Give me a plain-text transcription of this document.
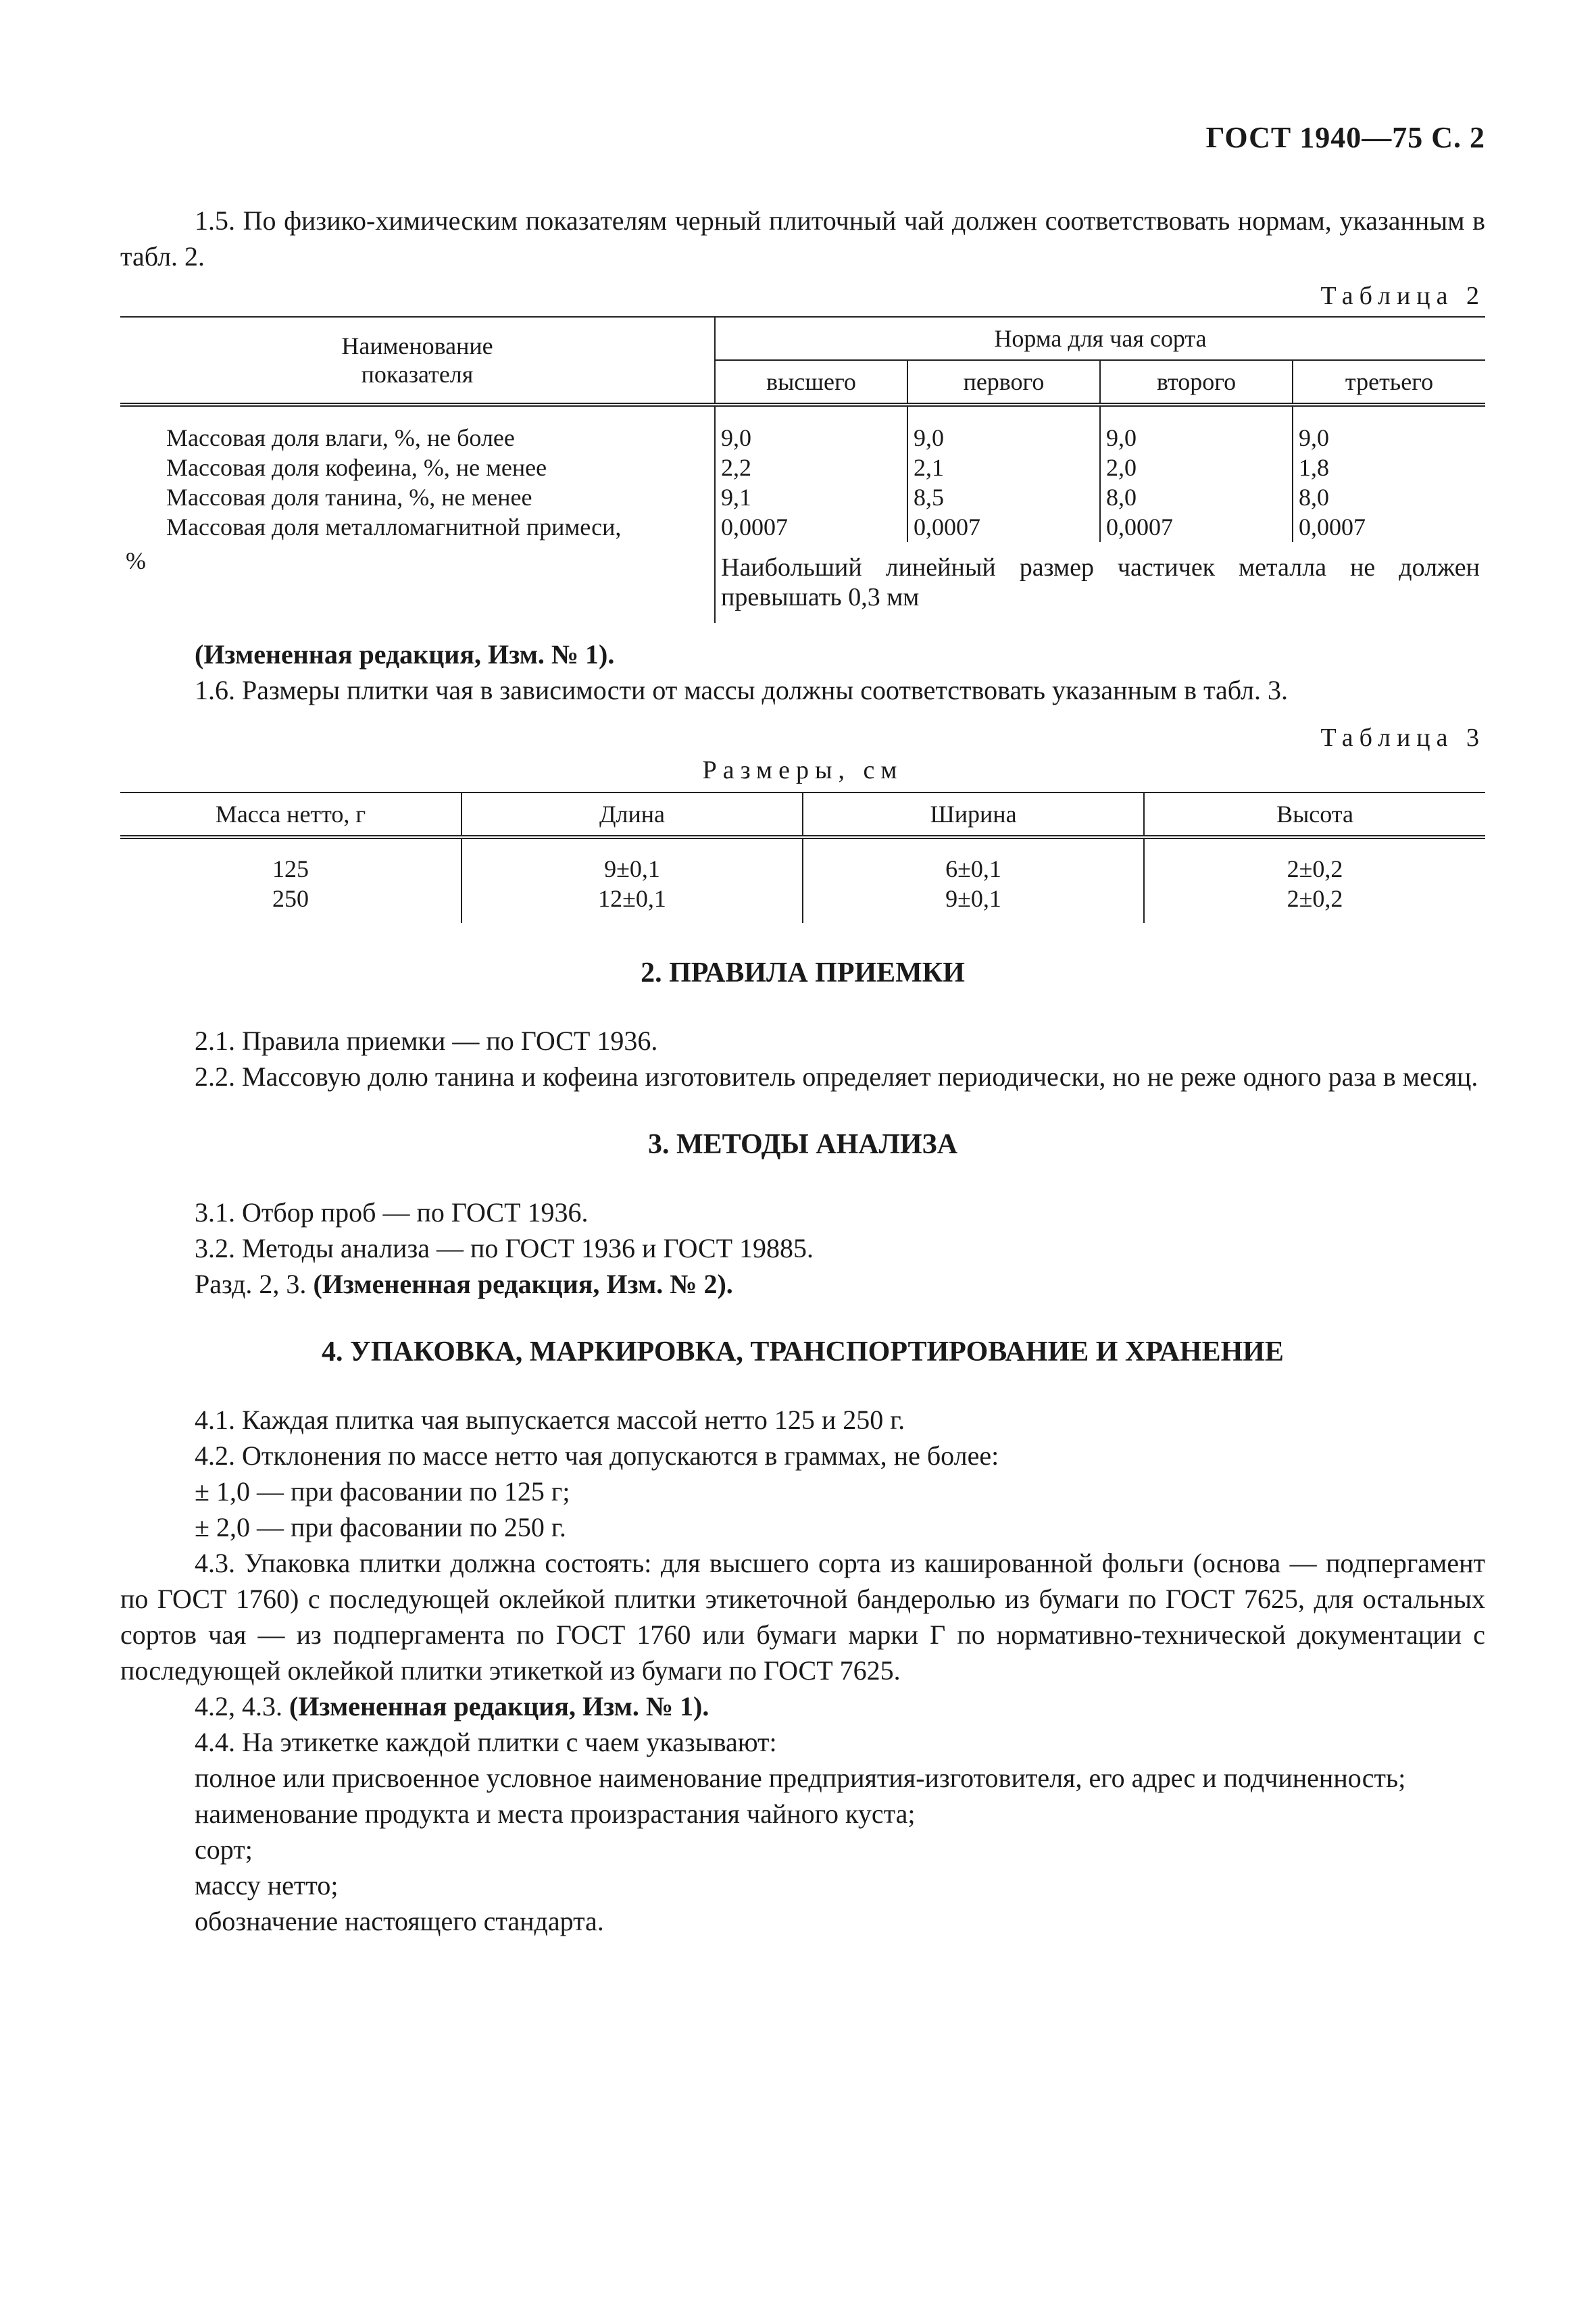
ГОСТ 1940—75 С. 2

1.5. По физико-химическим показателям черный плиточный чай должен соответствовать нормам, указанным в табл. 2.

Таблица 2
Наименование показателя	Норма для чая сорта			
	высшего	первого	второго	третьего

Массовая доля влаги, %, не более	9,0	9,0	9,0	9,0
Массовая доля кофеина, %, не менее	2,2	2,1	2,0	1,8
Массовая доля танина, %, не менее	9,1	8,5	8,0	8,0
Массовая доля металломагнитной примеси,	0,0007	0,0007	0,0007	0,0007
%	Наибольший линейный размер частичек металла не должен превышать 0,3 мм			

(Измененная редакция, Изм. № 1).

1.6. Размеры плитки чая в зависимости от массы должны соответствовать указанным в табл. 3.

Таблица 3
Размеры, см
Масса нетто, г	Длина	Ширина	Высота

125	9±0,1	6±0,1	2±0,2
250	12±0,1	9±0,1	2±0,2
2. ПРАВИЛА ПРИЕМКИ

2.1. Правила приемки — по ГОСТ 1936.

2.2. Массовую долю танина и кофеина изготовитель определяет периодически, но не реже одного раза в месяц.

3. МЕТОДЫ АНАЛИЗА

3.1. Отбор проб — по ГОСТ 1936.

3.2. Методы анализа — по ГОСТ 1936 и ГОСТ 19885.

Разд. 2, 3. (Измененная редакция, Изм. № 2).

4. УПАКОВКА, МАРКИРОВКА, ТРАНСПОРТИРОВАНИЕ И ХРАНЕНИЕ

4.1. Каждая плитка чая выпускается массой нетто 125 и 250 г.

4.2. Отклонения по массе нетто чая допускаются в граммах, не более:

± 1,0 — при фасовании по 125 г;

± 2,0 — при фасовании по 250 г.

4.3. Упаковка плитки должна состоять: для высшего сорта из кашированной фольги (основа — подпергамент по ГОСТ 1760) с последующей оклейкой плитки этикеточной бандеролью из бумаги по ГОСТ 7625, для остальных сортов чая — из подпергамента по ГОСТ 1760 или бумаги марки Г по нормативно-технической документации с последующей оклейкой плитки этикеткой из бумаги по ГОСТ 7625.

4.2, 4.3. (Измененная редакция, Изм. № 1).

4.4. На этикетке каждой плитки с чаем указывают:

полное или присвоенное условное наименование предприятия-изготовителя, его адрес и подчиненность;

наименование продукта и места произрастания чайного куста;

сорт;

массу нетто;

обозначение настоящего стандарта.
